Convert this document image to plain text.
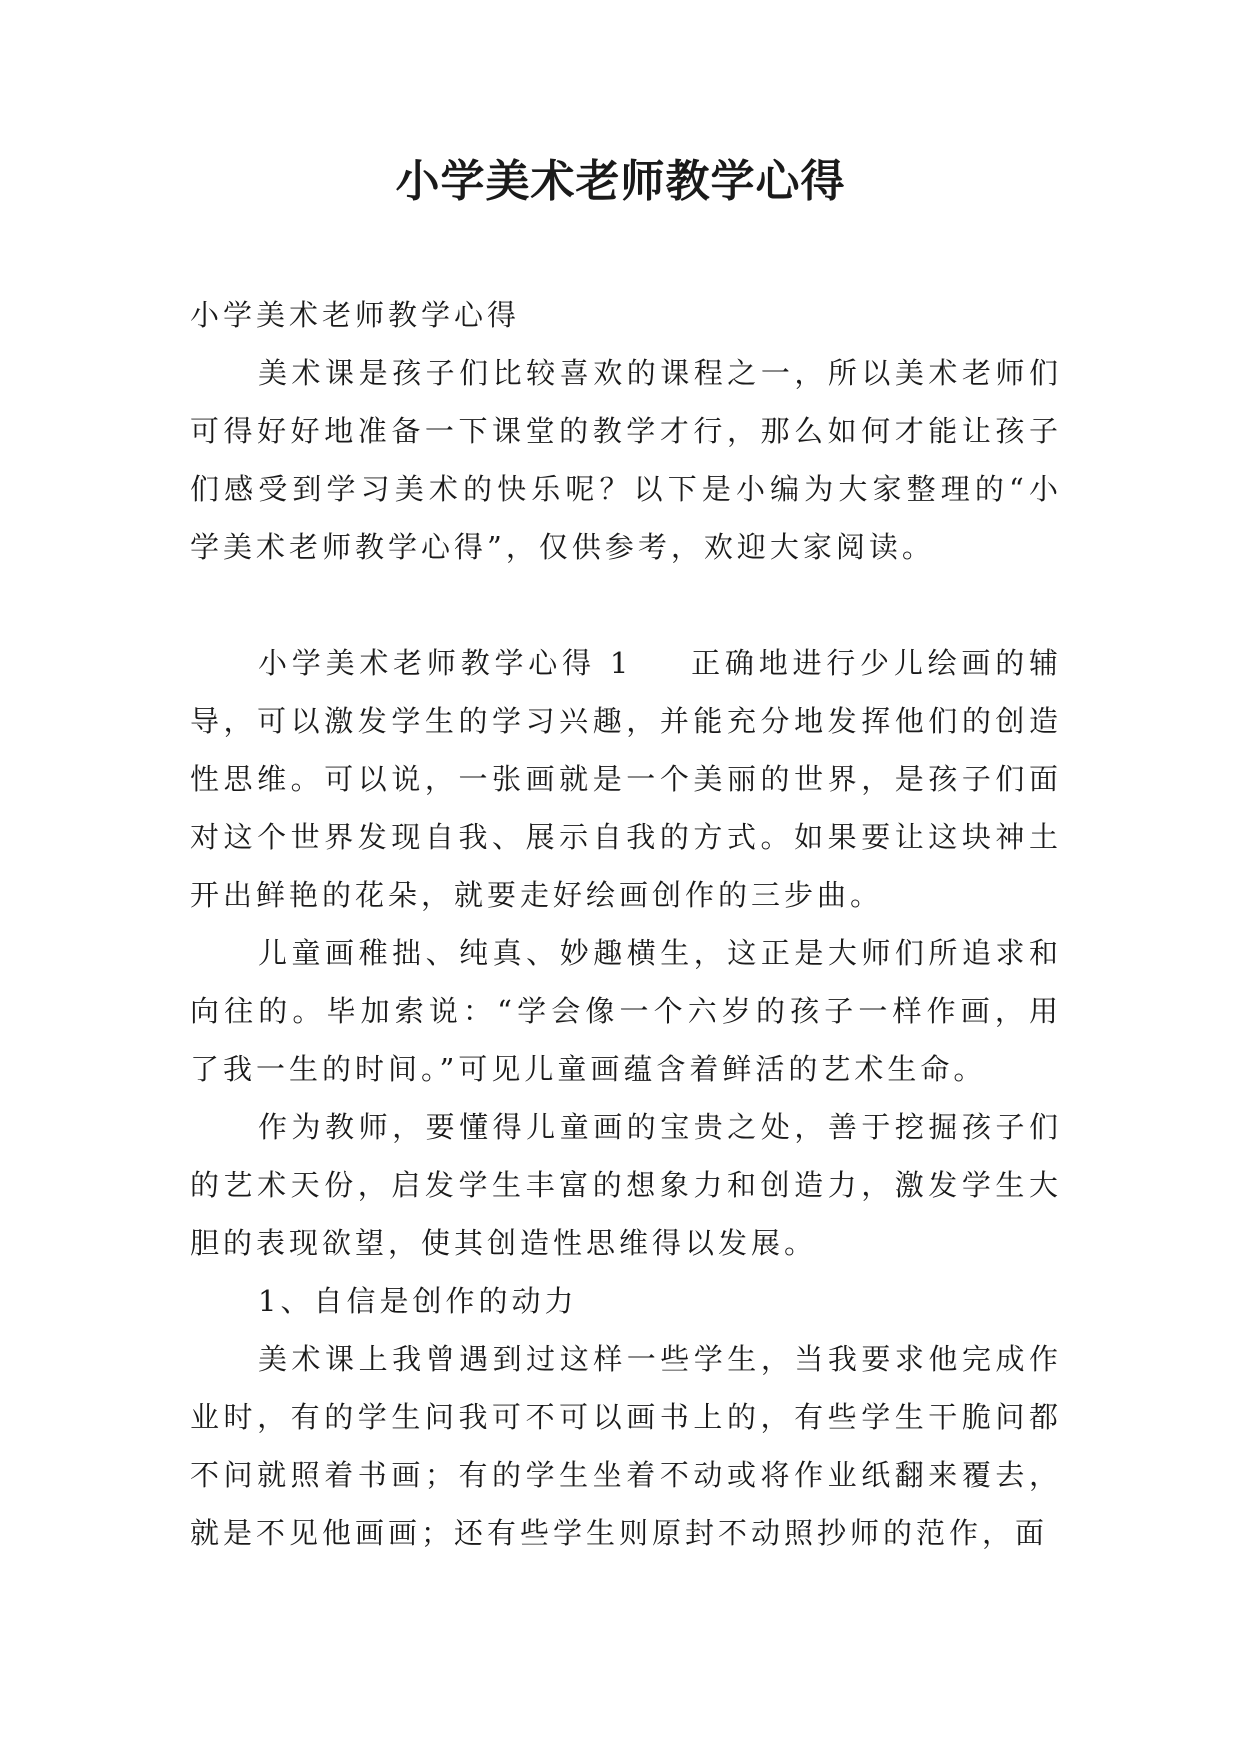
小学美术老师教学心得

小学美术老师教学心得

美术课是孩子们比较喜欢的课程之一，所以美术老师们可得好好地准备一下课堂的教学才行，那么如何才能让孩子们感受到学习美术的快乐呢？以下是小编为大家整理的“小学美术老师教学心得”，仅供参考，欢迎大家阅读。

小学美术老师教学心得 1 正确地进行少儿绘画的辅导，可以激发学生的学习兴趣，并能充分地发挥他们的创造性思维。可以说，一张画就是一个美丽的世界，是孩子们面对这个世界发现自我、展示自我的方式。如果要让这块神土开出鲜艳的花朵，就要走好绘画创作的三步曲。

儿童画稚拙、纯真、妙趣横生，这正是大师们所追求和向往的。毕加索说：“学会像一个六岁的孩子一样作画，用了我一生的时间。”可见儿童画蕴含着鲜活的艺术生命。

作为教师，要懂得儿童画的宝贵之处，善于挖掘孩子们的艺术天份，启发学生丰富的想象力和创造力，激发学生大胆的表现欲望，使其创造性思维得以发展。

1、自信是创作的动力

美术课上我曾遇到过这样一些学生，当我要求他完成作业时，有的学生问我可不可以画书上的，有些学生干脆问都不问就照着书画；有的学生坐着不动或将作业纸翻来覆去，就是不见他画画；还有些学生则原封不动照抄师的范作，面
